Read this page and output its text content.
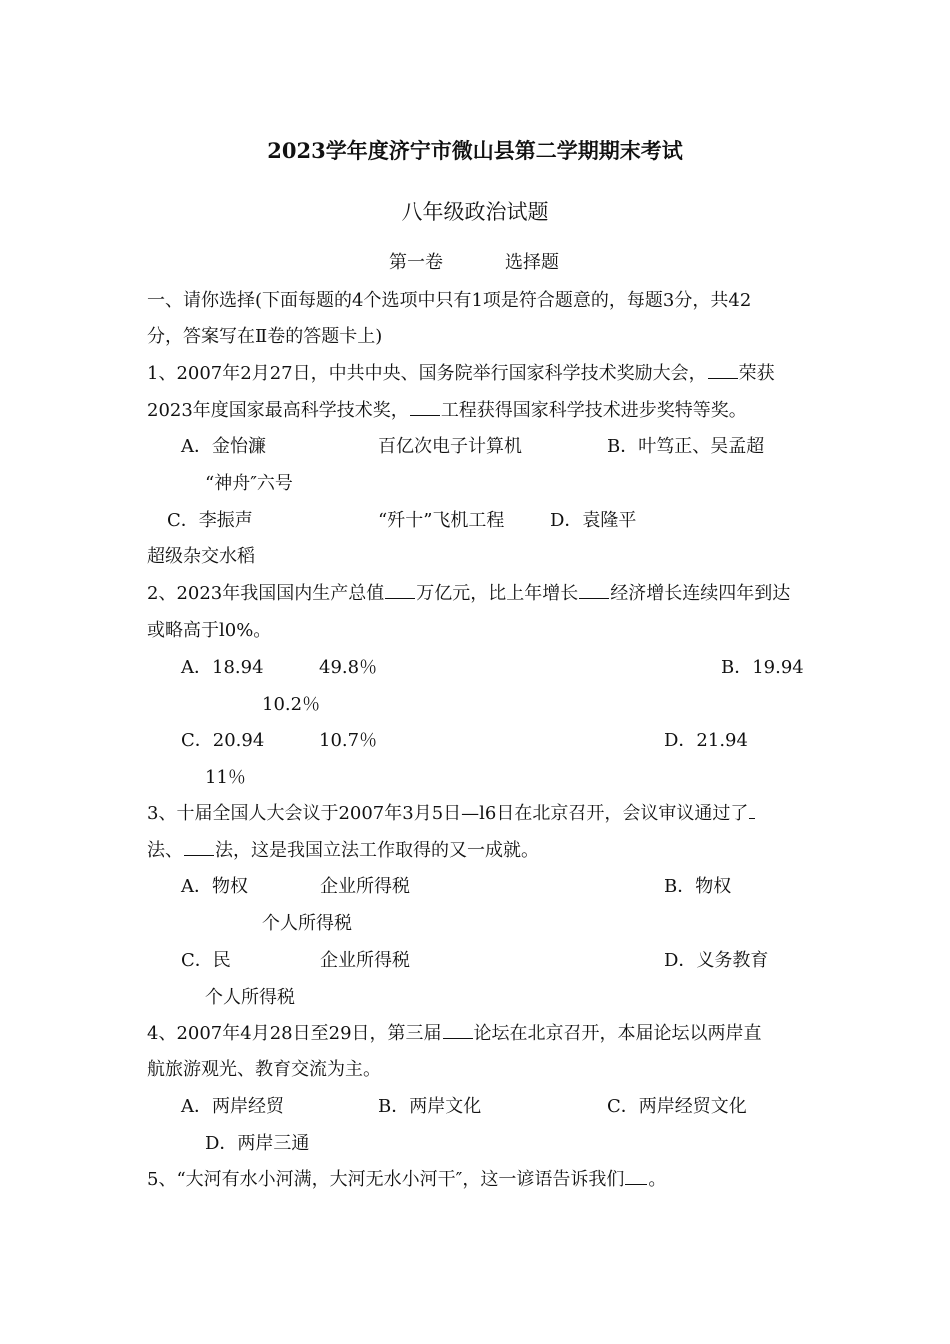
2023学年度济宁市微山县第二学期期末考试
八年级政治试题
第一卷	选择题
一、请你选择(下面每题的4个选项中只有1项是符合题意的，每题3分，共42
分，答案写在Ⅱ卷的答题卡上)
1、2007年2月27日，中共中央、国务院举行国家科学技术奖励大会， 荣获
2023年度国家最高科学技术奖， 工程获得国家科学技术进步奖特等奖。
A．金怡濂	百亿次电子计算机	B．叶笃正、吴孟超
“神舟″六号
C．李振声	“歼十”飞机工程	D．袁隆平
超级杂交水稻
2、2023年我国国内生产总值 万亿元，比上年增长 经济增长连续四年到达
或略高于l0%。
A．18.94	49.8％	B．19.94
10.2％
C．20.94	10.7％	D．21.94
11％
3、十届全国人大会议于2007年3月5日—l6日在北京召开，会议审议通过了
法、 法，这是我国立法工作取得的又一成就。
A．物权	企业所得税	B．物权
个人所得税
C．民	企业所得税	D．义务教育
个人所得税
4、2007年4月28日至29日，第三届 论坛在北京召开，本届论坛以两岸直
航旅游观光、教育交流为主。
A．两岸经贸	B．两岸文化	C．两岸经贸文化
D．两岸三通
5、“大河有水小河满，大河无水小河干″，这一谚语告诉我们 。
